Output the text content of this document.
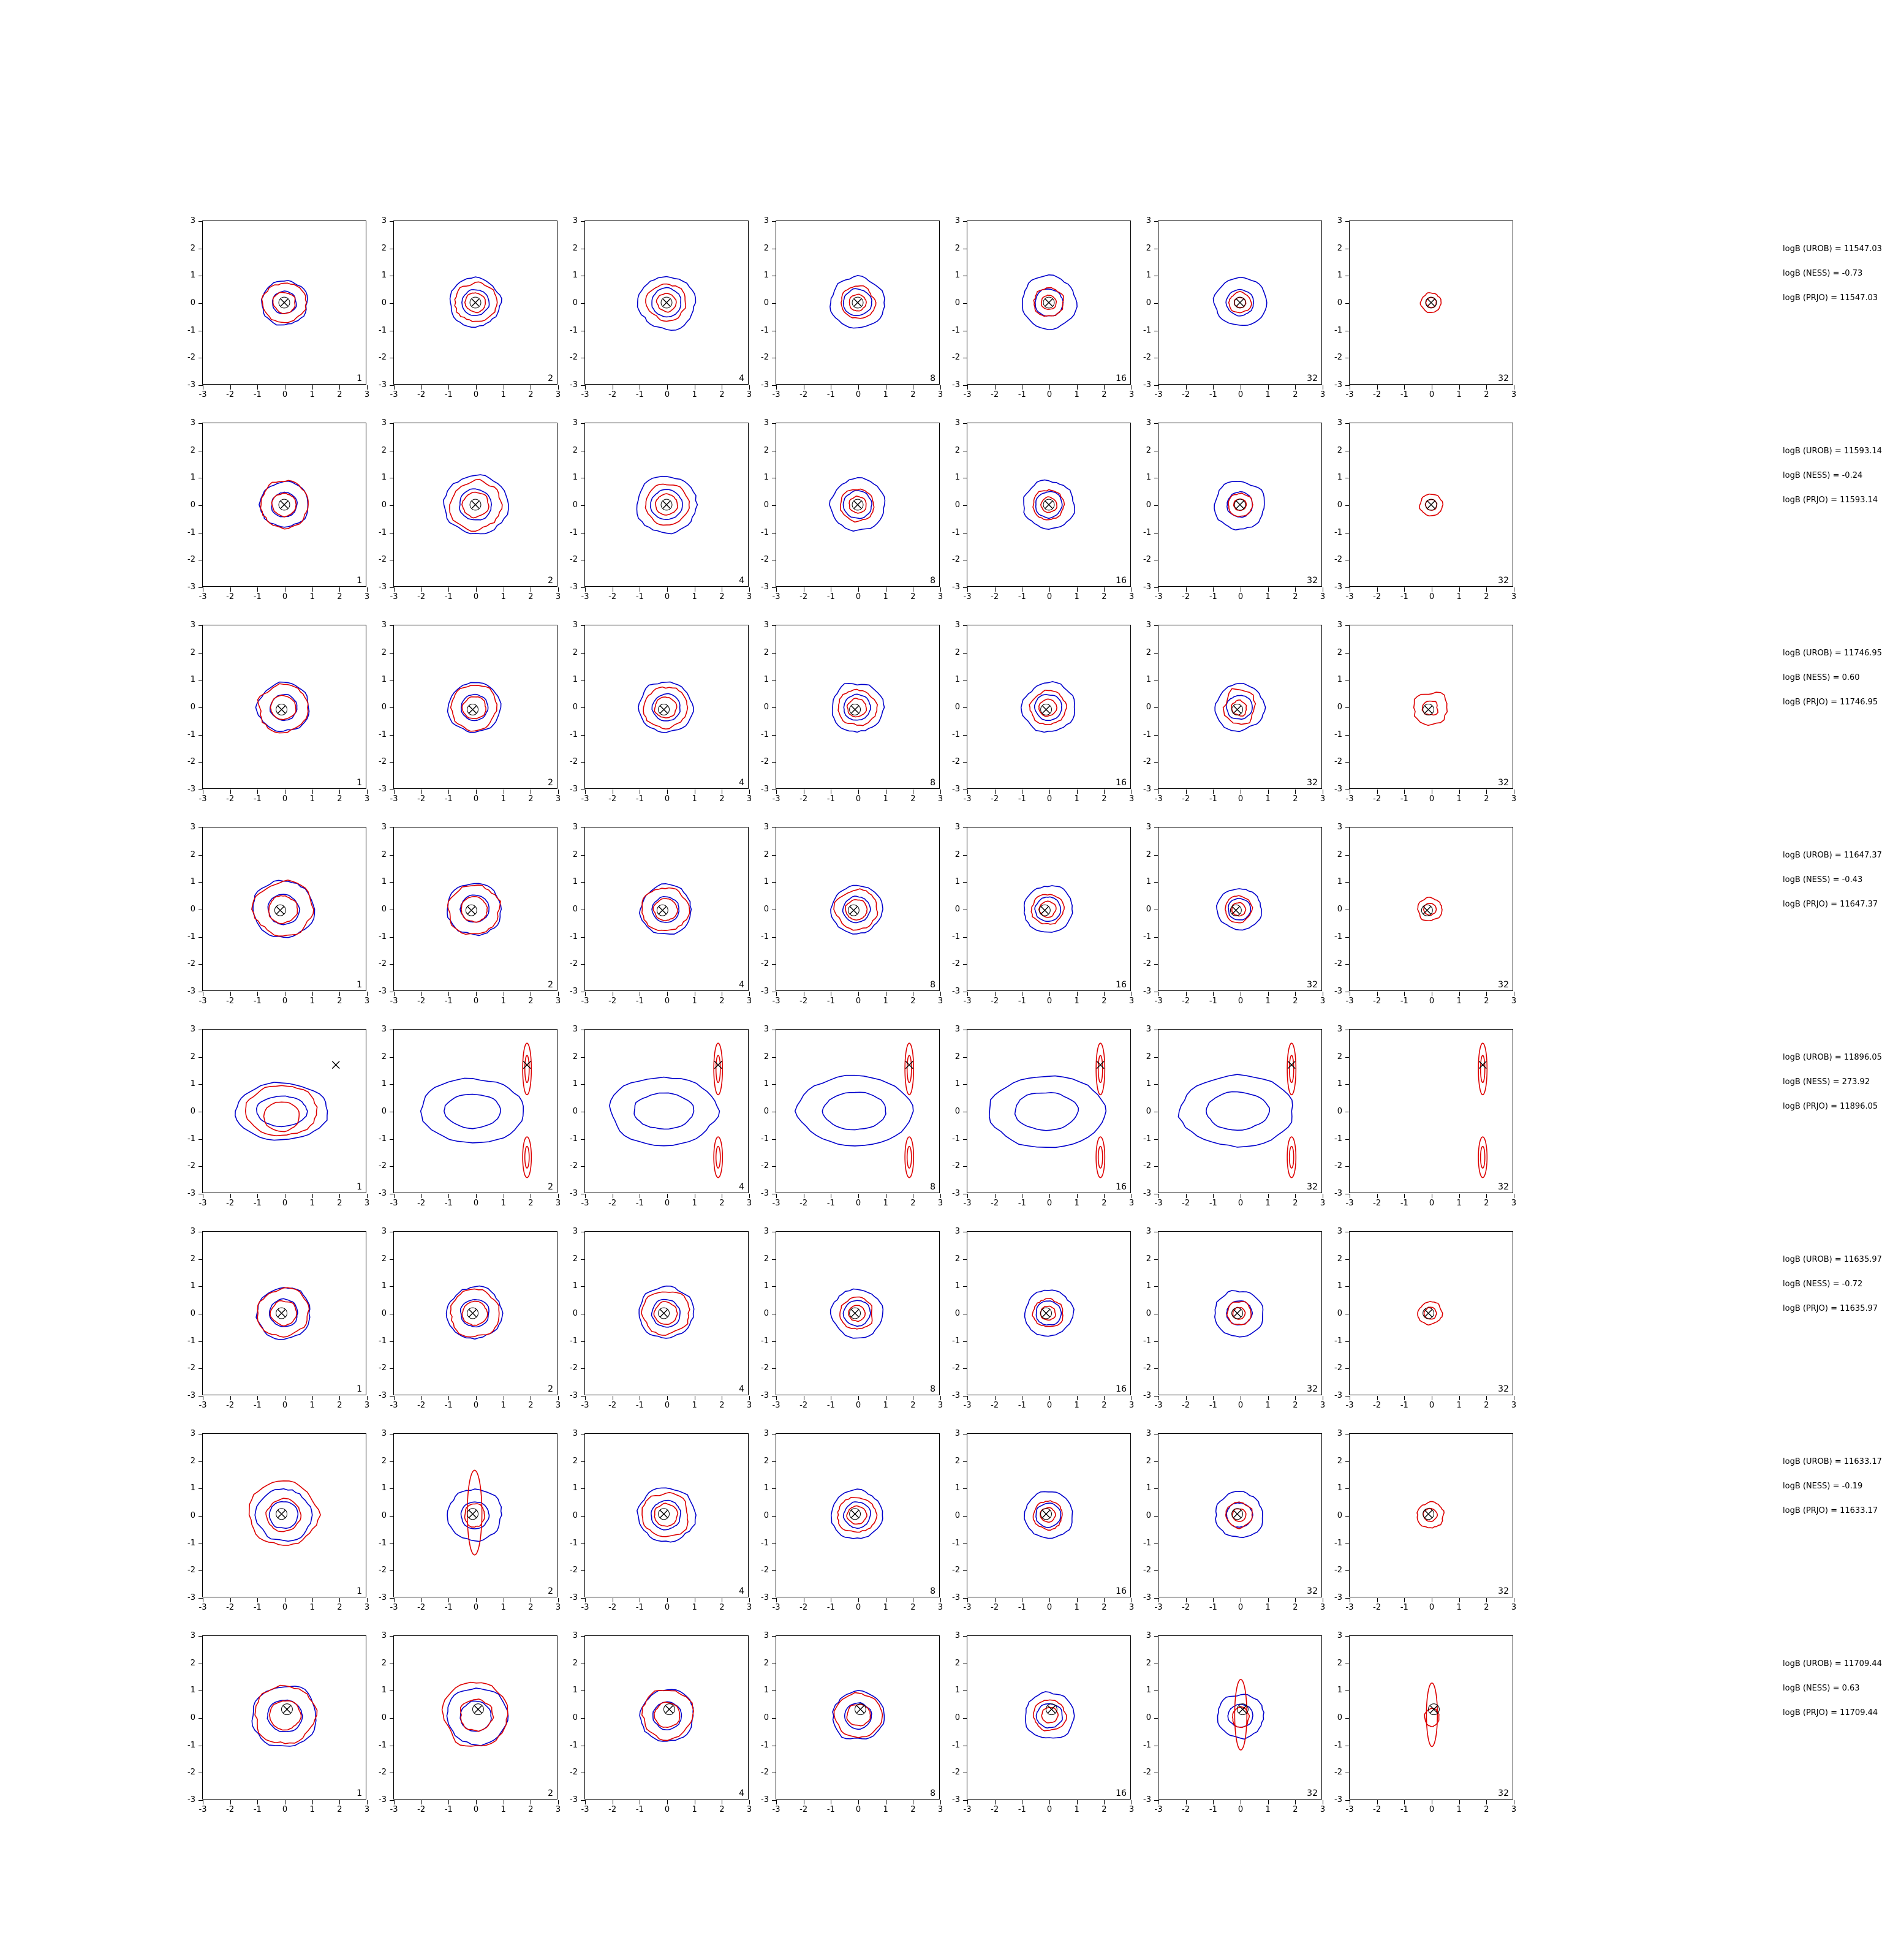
-3	-2	-1	0	1	2	3
-3
-2
-1
0
1
2
3
1
-3	-2	-1	0	1	2	3
-3
-2
-1
0
1
2
3
2
-3	-2	-1	0	1	2	3
-3
-2
-1
0
1
2
3
4
-3	-2	-1	0	1	2	3
-3
-2
-1
0
1
2
3
8
-3	-2	-1	0	1	2	3
-3
-2
-1
0
1
2
3
16
-3	-2	-1	0	1	2	3
-3
-2
-1
0
1
2
3
32
-3	-2	-1	0	1	2	3
-3
-2
-1
0
1
2
3
32
logB (UROB) = 11547.03
logB (NESS) = -0.73
logB (PRJO) = 11547.03
-3	-2	-1	0	1	2	3
-3
-2
-1
0
1
2
3
1
-3	-2	-1	0	1	2	3
-3
-2
-1
0
1
2
3
2
-3	-2	-1	0	1	2	3
-3
-2
-1
0
1
2
3
4
-3	-2	-1	0	1	2	3
-3
-2
-1
0
1
2
3
8
-3	-2	-1	0	1	2	3
-3
-2
-1
0
1
2
3
16
-3	-2	-1	0	1	2	3
-3
-2
-1
0
1
2
3
32
-3	-2	-1	0	1	2	3
-3
-2
-1
0
1
2
3
32
logB (UROB) = 11593.14
logB (NESS) = -0.24
logB (PRJO) = 11593.14
-3	-2	-1	0	1	2	3
-3
-2
-1
0
1
2
3
1
-3	-2	-1	0	1	2	3
-3
-2
-1
0
1
2
3
2
-3	-2	-1	0	1	2	3
-3
-2
-1
0
1
2
3
4
-3	-2	-1	0	1	2	3
-3
-2
-1
0
1
2
3
8
-3	-2	-1	0	1	2	3
-3
-2
-1
0
1
2
3
16
-3	-2	-1	0	1	2	3
-3
-2
-1
0
1
2
3
32
-3	-2	-1	0	1	2	3
-3
-2
-1
0
1
2
3
32
logB (UROB) = 11746.95
logB (NESS) = 0.60
logB (PRJO) = 11746.95
-3	-2	-1	0	1	2	3
-3
-2
-1
0
1
2
3
1
-3	-2	-1	0	1	2	3
-3
-2
-1
0
1
2
3
2
-3	-2	-1	0	1	2	3
-3
-2
-1
0
1
2
3
4
-3	-2	-1	0	1	2	3
-3
-2
-1
0
1
2
3
8
-3	-2	-1	0	1	2	3
-3
-2
-1
0
1
2
3
16
-3	-2	-1	0	1	2	3
-3
-2
-1
0
1
2
3
32
-3	-2	-1	0	1	2	3
-3
-2
-1
0
1
2
3
32
logB (UROB) = 11647.37
logB (NESS) = -0.43
logB (PRJO) = 11647.37
-3	-2	-1	0	1	2	3
-3
-2
-1
0
1
2
3
1
-3	-2	-1	0	1	2	3
-3
-2
-1
0
1
2
3
2
-3	-2	-1	0	1	2	3
-3
-2
-1
0
1
2
3
4
-3	-2	-1	0	1	2	3
-3
-2
-1
0
1
2
3
8
-3	-2	-1	0	1	2	3
-3
-2
-1
0
1
2
3
16
-3	-2	-1	0	1	2	3
-3
-2
-1
0
1
2
3
32
-3	-2	-1	0	1	2	3
-3
-2
-1
0
1
2
3
32
logB (UROB) = 11896.05
logB (NESS) = 273.92
logB (PRJO) = 11896.05
-3	-2	-1	0	1	2	3
-3
-2
-1
0
1
2
3
1
-3	-2	-1	0	1	2	3
-3
-2
-1
0
1
2
3
2
-3	-2	-1	0	1	2	3
-3
-2
-1
0
1
2
3
4
-3	-2	-1	0	1	2	3
-3
-2
-1
0
1
2
3
8
-3	-2	-1	0	1	2	3
-3
-2
-1
0
1
2
3
16
-3	-2	-1	0	1	2	3
-3
-2
-1
0
1
2
3
32
-3	-2	-1	0	1	2	3
-3
-2
-1
0
1
2
3
32
logB (UROB) = 11635.97
logB (NESS) = -0.72
logB (PRJO) = 11635.97
-3	-2	-1	0	1	2	3
-3
-2
-1
0
1
2
3
1
-3	-2	-1	0	1	2	3
-3
-2
-1
0
1
2
3
2
-3	-2	-1	0	1	2	3
-3
-2
-1
0
1
2
3
4
-3	-2	-1	0	1	2	3
-3
-2
-1
0
1
2
3
8
-3	-2	-1	0	1	2	3
-3
-2
-1
0
1
2
3
16
-3	-2	-1	0	1	2	3
-3
-2
-1
0
1
2
3
32
-3	-2	-1	0	1	2	3
-3
-2
-1
0
1
2
3
32
logB (UROB) = 11633.17
logB (NESS) = -0.19
logB (PRJO) = 11633.17
-3	-2	-1	0	1	2	3
-3
-2
-1
0
1
2
3
1
-3	-2	-1	0	1	2	3
-3
-2
-1
0
1
2
3
2
-3	-2	-1	0	1	2	3
-3
-2
-1
0
1
2
3
4
-3	-2	-1	0	1	2	3
-3
-2
-1
0
1
2
3
8
-3	-2	-1	0	1	2	3
-3
-2
-1
0
1
2
3
16
-3	-2	-1	0	1	2	3
-3
-2
-1
0
1
2
3
32
-3	-2	-1	0	1	2	3
-3
-2
-1
0
1
2
3
32
logB (UROB) = 11709.44
logB (NESS) = 0.63
logB (PRJO) = 11709.44
